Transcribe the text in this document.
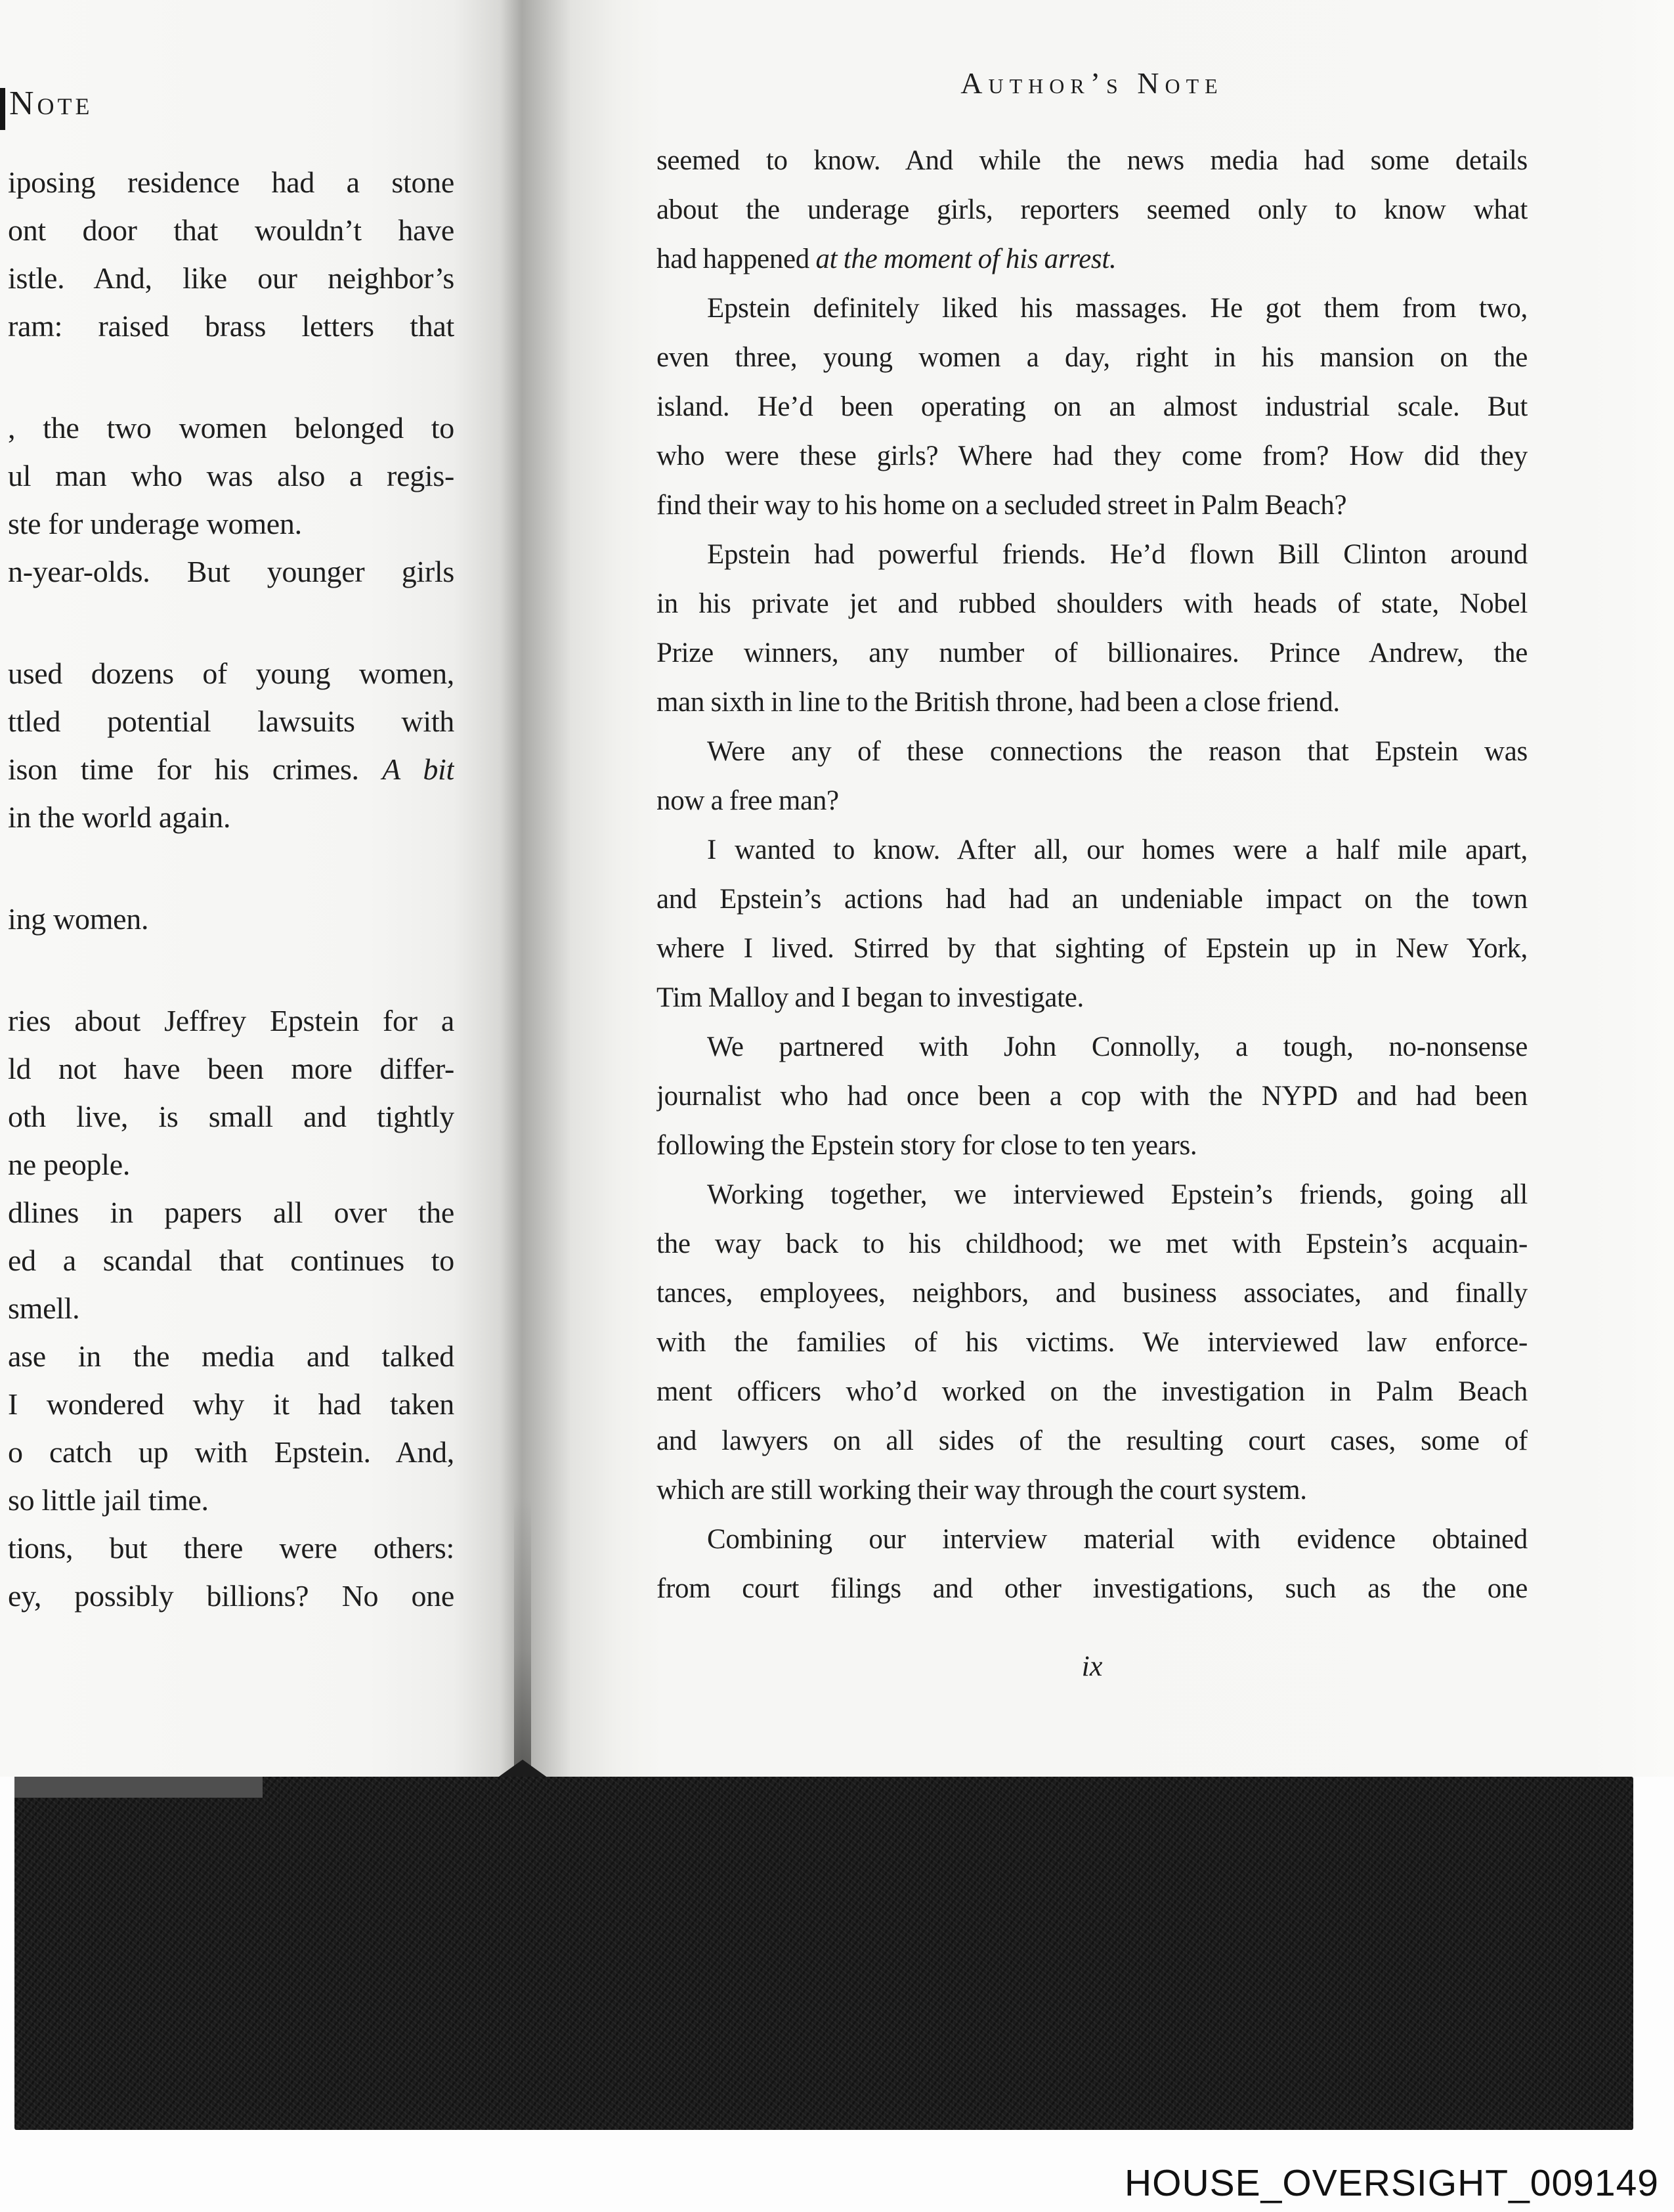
Note
iposing residence had a stone
ont door that wouldn’t have
istle. And, like our neighbor’s
ram: raised brass letters that
, the two women belonged to
ul man who was also a regis-
ste for underage women.
n-year-olds. But younger girls
used dozens of young women,
ttled potential lawsuits with
ison time for his crimes. A bit
in the world again.
ing women.
ries about Jeffrey Epstein for a
ld not have been more differ-
oth live, is small and tightly
ne people.
dlines in papers all over the
ed a scandal that continues to
smell.
ase in the media and talked
I wondered why it had taken
o catch up with Epstein. And,
so little jail time.
tions, but there were others:
ey, possibly billions? No one
Author’s Note
seemed to know. And while the news media had some details
about the underage girls, reporters seemed only to know what
had happened at the moment of his arrest.
Epstein definitely liked his massages. He got them from two,
even three, young women a day, right in his mansion on the
island. He’d been operating on an almost industrial scale. But
who were these girls? Where had they come from? How did they
find their way to his home on a secluded street in Palm Beach?
Epstein had powerful friends. He’d flown Bill Clinton around
in his private jet and rubbed shoulders with heads of state, Nobel
Prize winners, any number of billionaires. Prince Andrew, the
man sixth in line to the British throne, had been a close friend.
Were any of these connections the reason that Epstein was
now a free man?
I wanted to know. After all, our homes were a half mile apart,
and Epstein’s actions had had an undeniable impact on the town
where I lived. Stirred by that sighting of Epstein up in New York,
Tim Malloy and I began to investigate.
We partnered with John Connolly, a tough, no-nonsense
journalist who had once been a cop with the NYPD and had been
following the Epstein story for close to ten years.
Working together, we interviewed Epstein’s friends, going all
the way back to his childhood; we met with Epstein’s acquain-
tances, employees, neighbors, and business associates, and finally
with the families of his victims. We interviewed law enforce-
ment officers who’d worked on the investigation in Palm Beach
and lawyers on all sides of the resulting court cases, some of
which are still working their way through the court system.
Combining our interview material with evidence obtained
from court filings and other investigations, such as the one
ix
HOUSE_OVERSIGHT_009149
